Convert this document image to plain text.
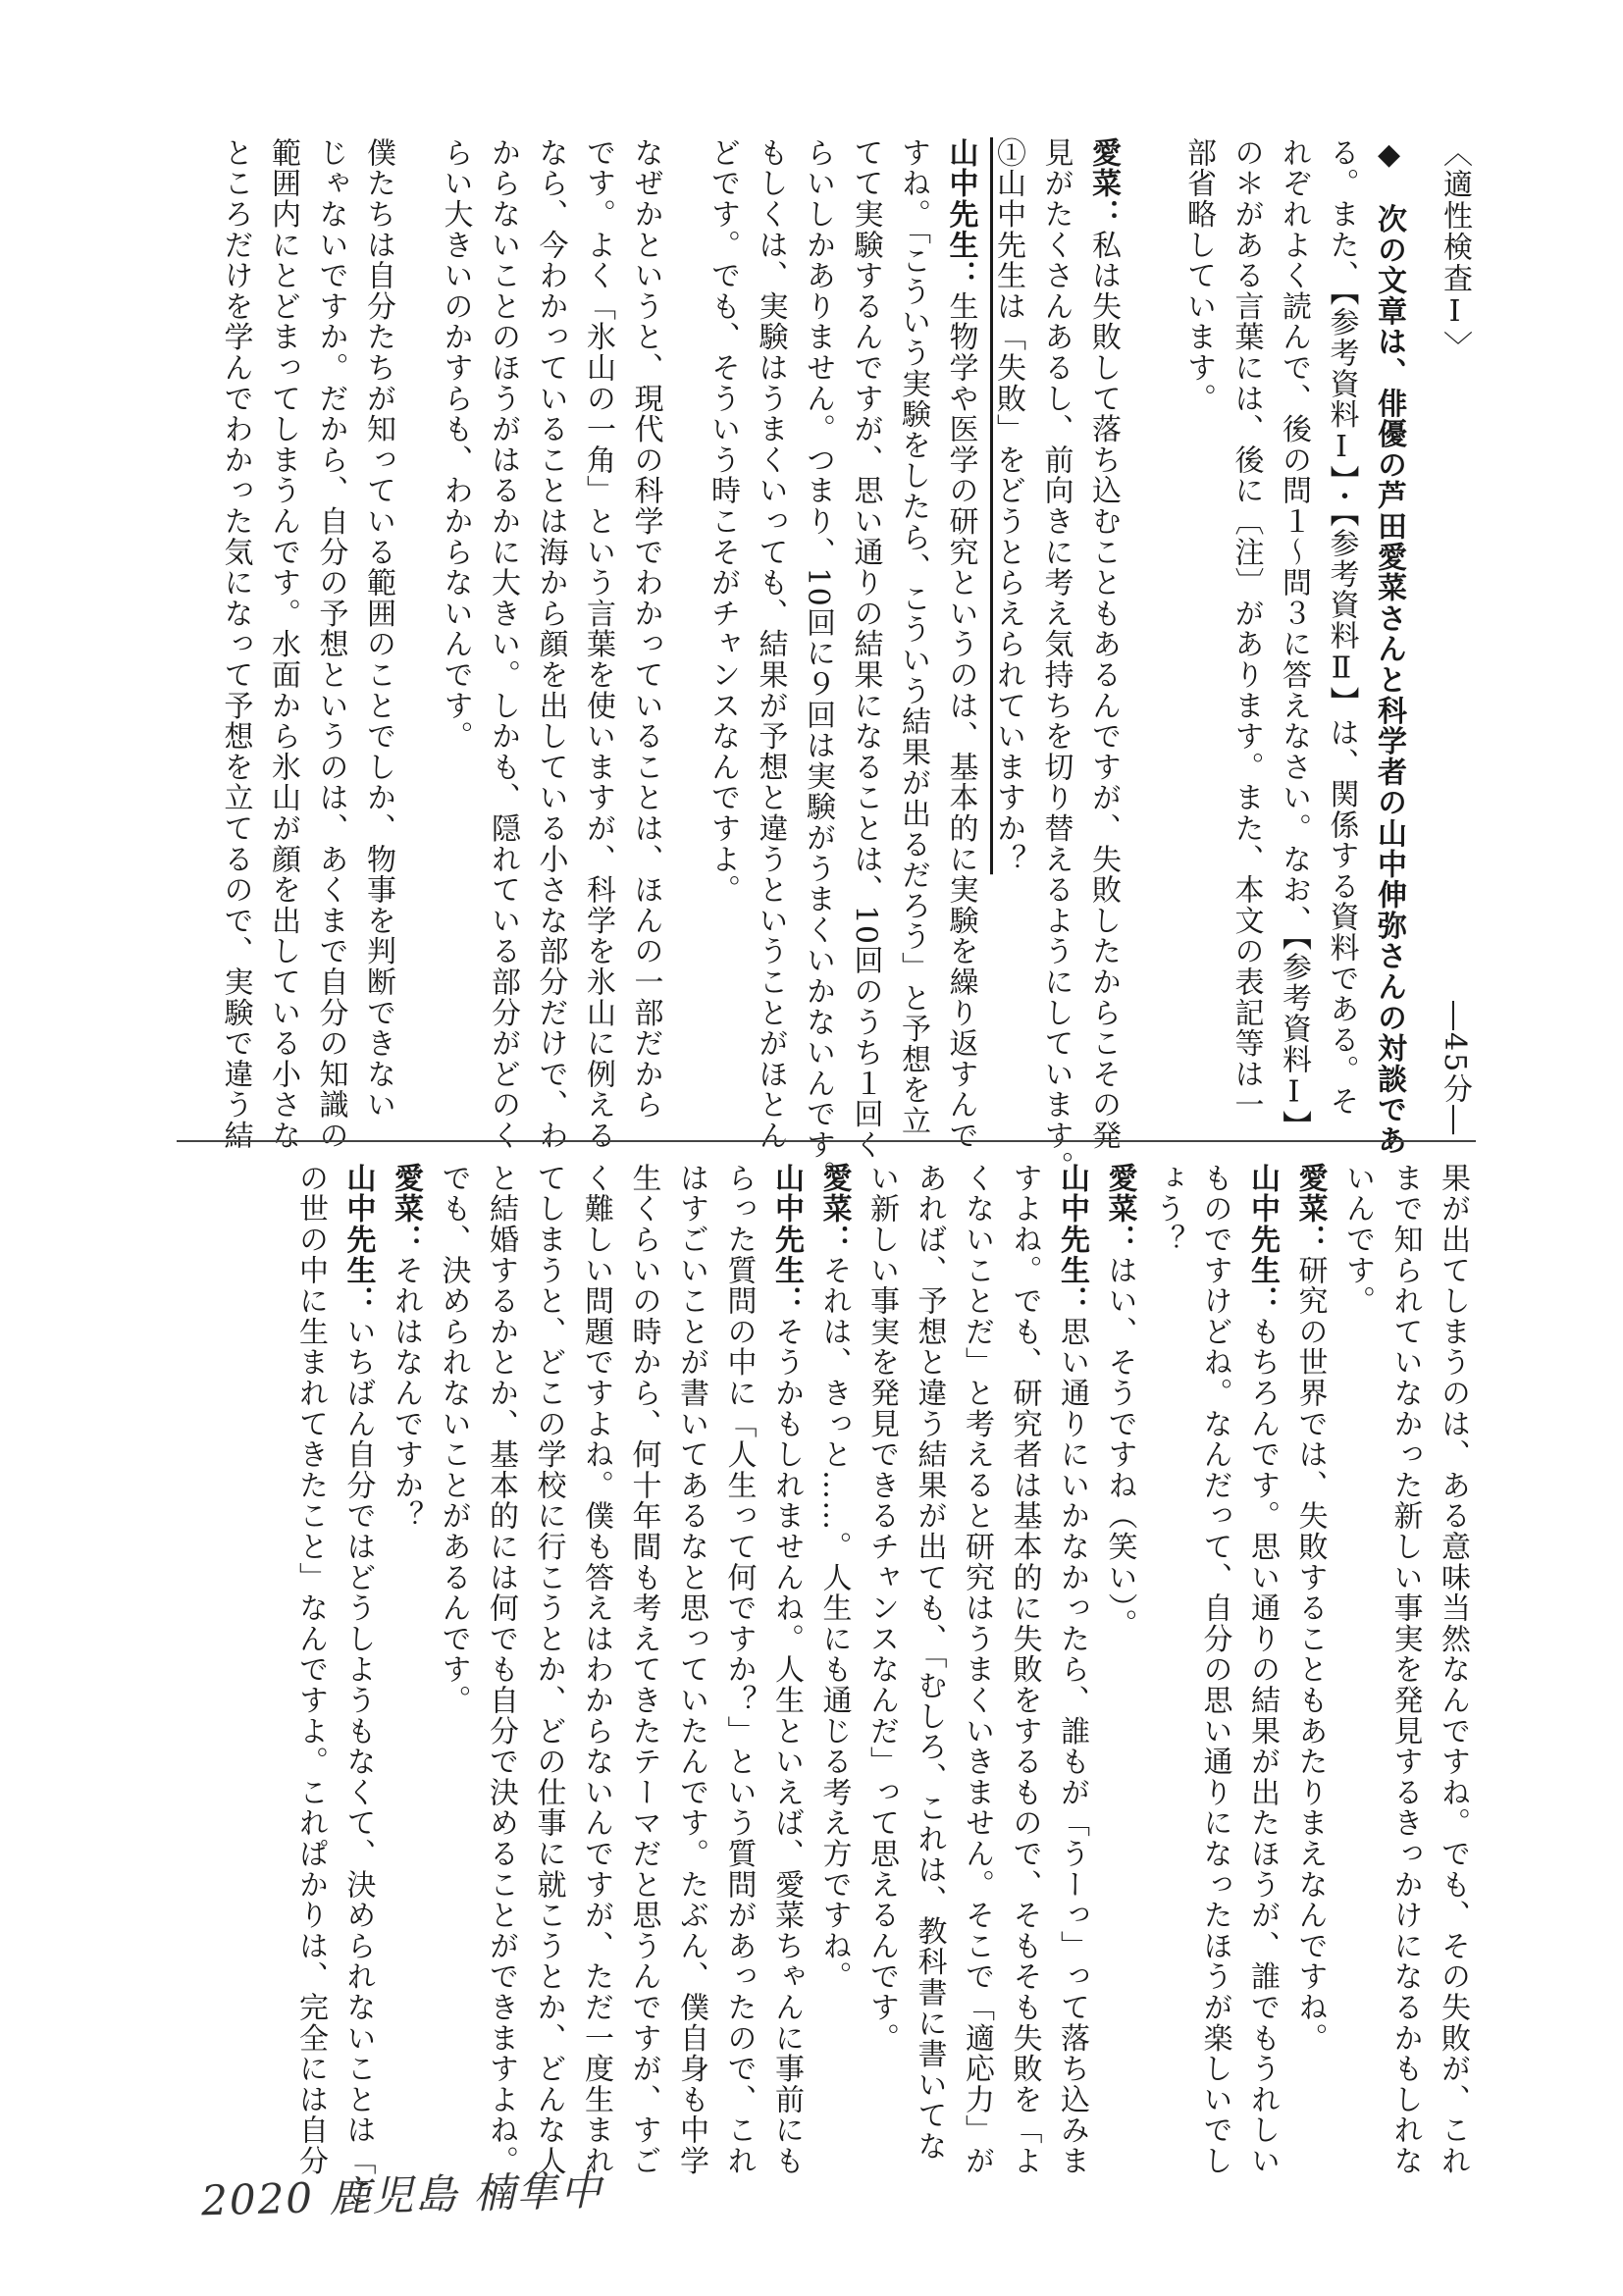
〈適性検査Ⅰ〉
―45分―

◆　次の文章は、俳優の芦田愛菜さんと科学者の山中伸弥さんの対談であ

る。また、【参考資料Ⅰ】・【参考資料Ⅱ】は、関係する資料である。そ

れぞれよく読んで、後の問１〜問３に答えなさい。なお、【参考資料Ⅰ】

の＊がある言葉には、後に〔注〕があります。また、本文の表記等は一

部省略しています。

愛菜：私は失敗して落ち込むこともあるんですが、失敗したからこその発

見がたくさんあるし、前向きに考え気持ちを切り替えるようにしています。

①山中先生は「失敗」をどうとらえられていますか？

山中先生：生物学や医学の研究というのは、基本的に実験を繰り返すんで

すね。「こういう実験をしたら、こういう結果が出るだろう」と予想を立

てて実験するんですが、思い通りの結果になることは、10回のうち１回く

らいしかありません。つまり、10回に９回は実験がうまくいかないんです。

もしくは、実験はうまくいっても、結果が予想と違うということがほとん

どです。でも、そういう時こそがチャンスなんですよ。

なぜかというと、現代の科学でわかっていることは、ほんの一部だから

です。よく「氷山の一角」という言葉を使いますが、科学を氷山に例える

なら、今わかっていることは海から顔を出している小さな部分だけで、わ

からないことのほうがはるかに大きい。しかも、隠れている部分がどのく

らい大きいのかすらも、わからないんです。

僕たちは自分たちが知っている範囲のことでしか、物事を判断できない

じゃないですか。だから、自分の予想というのは、あくまで自分の知識の

範囲内にとどまってしまうんです。水面から氷山が顔を出している小さな

ところだけを学んでわかった気になって予想を立てるので、実験で違う結

果が出てしまうのは、ある意味当然なんですね。でも、その失敗が、これ

まで知られていなかった新しい事実を発見するきっかけになるかもしれな

いんです。

愛菜：研究の世界では、失敗することもあたりまえなんですね。

山中先生：もちろんです。思い通りの結果が出たほうが、誰でもうれしい

ものですけどね。なんだって、自分の思い通りになったほうが楽しいでし

ょう？

愛菜：はい、そうですね（笑い）。

山中先生：思い通りにいかなかったら、誰もが「うーっ」って落ち込みま

すよね。でも、研究者は基本的に失敗をするもので、そもそも失敗を「よ

くないことだ」と考えると研究はうまくいきません。そこで「適応力」が

あれば、予想と違う結果が出ても、「むしろ、これは、教科書に書いてな

い新しい事実を発見できるチャンスなんだ」って思えるんです。

愛菜：それは、きっと……。人生にも通じる考え方ですね。

山中先生：そうかもしれませんね。人生といえば、愛菜ちゃんに事前にも

らった質問の中に「人生って何ですか？」という質問があったので、これ

はすごいことが書いてあるなと思っていたんです。たぶん、僕自身も中学

生くらいの時から、何十年間も考えてきたテーマだと思うんですが、すご

く難しい問題ですよね。僕も答えはわからないんですが、ただ一度生まれ

てしまうと、どこの学校に行こうとか、どの仕事に就こうとか、どんな人

と結婚するかとか、基本的には何でも自分で決めることができますよね。

でも、決められないことがあるんです。

愛菜：それはなんですか？

山中先生：いちばん自分ではどうしようもなくて、決められないことは「こ

の世の中に生まれてきたこと」なんですよ。これぱかりは、完全には自分

2020 鹿児島 楠隼中
